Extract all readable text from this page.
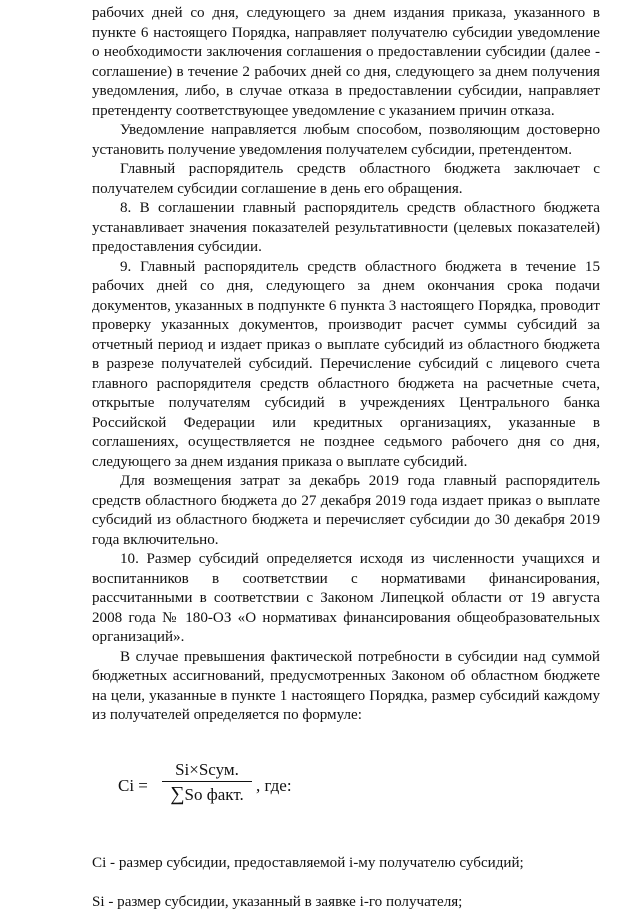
рабочих дней со дня, следующего за днем издания приказа, указанного в пункте 6 настоящего Порядка, направляет получателю субсидии уведомление о необходимости заключения соглашения о предоставлении субсидии (далее - соглашение) в течение 2 рабочих дней со дня, следующего за днем получения уведомления, либо, в случае отказа в предоставлении субсидии, направляет претенденту соответствующее уведомление с указанием причин отказа.

Уведомление направляется любым способом, позволяющим достоверно установить получение уведомления получателем субсидии, претендентом.

Главный распорядитель средств областного бюджета заключает с получателем субсидии соглашение в день его обращения.

8. В соглашении главный распорядитель средств областного бюджета устанавливает значения показателей результативности (целевых показателей) предоставления субсидии.

9. Главный распорядитель средств областного бюджета в течение 15 рабочих дней со дня, следующего за днем окончания срока подачи документов, указанных в подпункте 6 пункта 3 настоящего Порядка, проводит проверку указанных документов, производит расчет суммы субсидий за отчетный период и издает приказ о выплате субсидий из областного бюджета в разрезе получателей субсидий. Перечисление субсидий с лицевого счета главного распорядителя средств областного бюджета на расчетные счета, открытые получателям субсидий в учреждениях Центрального банка Российской Федерации или кредитных организациях, указанные в соглашениях, осуществляется не позднее седьмого рабочего дня со дня, следующего за днем издания приказа о выплате субсидий.

Для возмещения затрат за декабрь 2019 года главный распорядитель средств областного бюджета до 27 декабря 2019 года издает приказ о выплате субсидий из областного бюджета и перечисляет субсидии до 30 декабря 2019 года включительно.

10. Размер субсидий определяется исходя из численности учащихся и воспитанников в соответствии с нормативами финансирования, рассчитанными в соответствии с Законом Липецкой области от 19 августа 2008 года № 180-ОЗ «О нормативах финансирования общеобразовательных организаций».

В случае превышения фактической потребности в субсидии над суммой бюджетных ассигнований, предусмотренных Законом об областном бюджете на цели, указанные в пункте 1 настоящего Порядка, размер субсидий каждому из получателей определяется по формуле:

Ci =
Si×Sсум.
∑So факт. , где:

Ci - размер субсидии, предоставляемой i-му получателю субсидий;

Si - размер субсидии, указанный в заявке i-го получателя;
